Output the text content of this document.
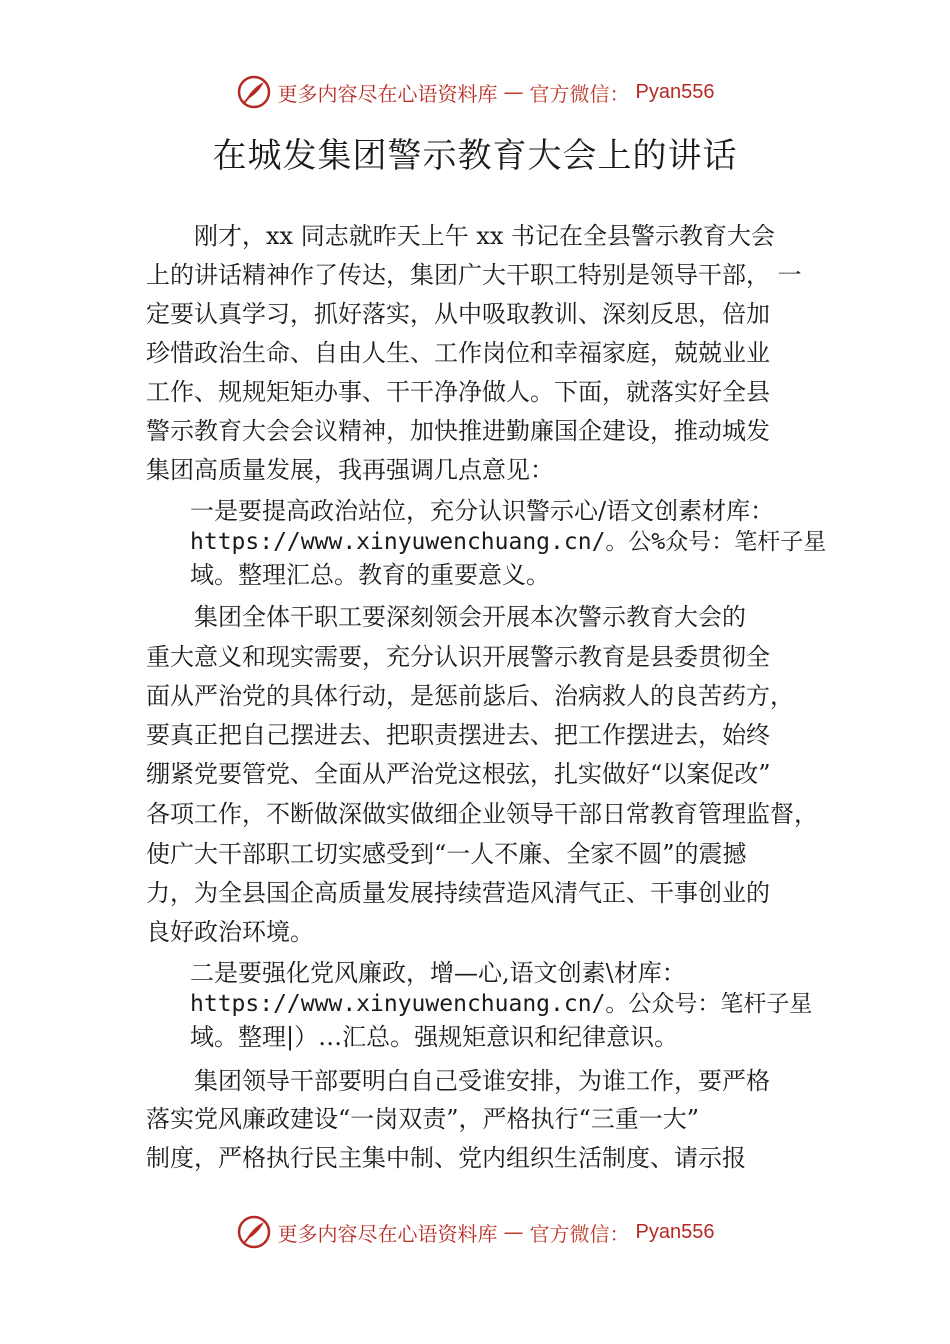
更多内容尽在心语资料库 — 官方微信： Pyan556
在城发集团警示教育大会上的讲话
刚才，xx 同志就昨天上午 xx 书记在全县警示教育大会
上的讲话精神作了传达，集团广大干职工特别是领导干部， 一
定要认真学习，抓好落实，从中吸取教训、深刻反思，倍加
珍惜政治生命、自由人生、工作岗位和幸福家庭，兢兢业业
工作、规规矩矩办事、干干净净做人。下面，就落实好全县
警示教育大会会议精神，加快推进勤廉国企建设，推动城发
集团高质量发展，我再强调几点意见：
一是要提高政治站位，充分认识警示心/语文创素材库：
https://www.xinyuwenchuang.cn/。公%众号：笔杆子星
域。整理汇总。教育的重要意义。
集团全体干职工要深刻领会开展本次警示教育大会的
重大意义和现实需要，充分认识开展警示教育是县委贯彻全
面从严治党的具体行动，是惩前毖后、治病救人的良苦药方，
要真正把自己摆进去、把职责摆进去、把工作摆进去，始终
绷紧党要管党、全面从严治党这根弦，扎实做好“以案促改”
各项工作，不断做深做实做细企业领导干部日常教育管理监督，
使广大干部职工切实感受到“一人不廉、全家不圆”的震撼
力，为全县国企高质量发展持续营造风清气正、干事创业的
良好政治环境。
二是要强化党风廉政，增—心,语文创素\材库：
https://www.xinyuwenchuang.cn/。公众号：笔杆子星
域。整理|）…汇总。强规矩意识和纪律意识。
集团领导干部要明白自己受谁安排，为谁工作，要严格
落实党风廉政建设“一岗双责”，严格执行“三重一大”
制度，严格执行民主集中制、党内组织生活制度、请示报
更多内容尽在心语资料库 — 官方微信： Pyan556
